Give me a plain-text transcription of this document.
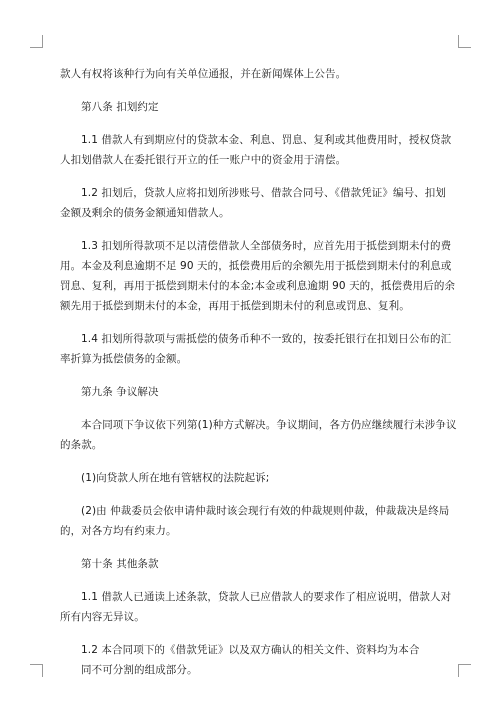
款人有权将该种行为向有关单位通报，并在新闻媒体上公告。
第八条 扣划约定
1.1 借款人有到期应付的贷款本金、利息、罚息、复利或其他费用时，授权贷款
人扣划借款人在委托银行开立的任一账户中的资金用于清偿。
1.2 扣划后，贷款人应将扣划所涉账号、借款合同号、《借款凭证》编号、扣划
金额及剩余的债务金额通知借款人。
1.3 扣划所得款项不足以清偿借款人全部债务时，应首先用于抵偿到期未付的费
用。本金及利息逾期不足 90 天的，抵偿费用后的余额先用于抵偿到期未付的利息或
罚息、复利，再用于抵偿到期未付的本金;本金或利息逾期 90 天的，抵偿费用后的余
额先用于抵偿到期未付的本金，再用于抵偿到期未付的利息或罚息、复利。
1.4 扣划所得款项与需抵偿的债务币种不一致的，按委托银行在扣划日公布的汇
率折算为抵偿债务的金额。
第九条 争议解决
本合同项下争议依下列第(1)种方式解决。争议期间，各方仍应继续履行未涉争议
的条款。
(1)向贷款人所在地有管辖权的法院起诉;
(2)由 仲裁委员会依申请仲裁时该会现行有效的仲裁规则仲裁，仲裁裁决是终局
的，对各方均有约束力。
第十条 其他条款
1.1 借款人已通读上述条款，贷款人已应借款人的要求作了相应说明，借款人对
所有内容无异议。
1.2 本合同项下的《借款凭证》以及双方确认的相关文件、资料均为本合
同不可分割的组成部分。
